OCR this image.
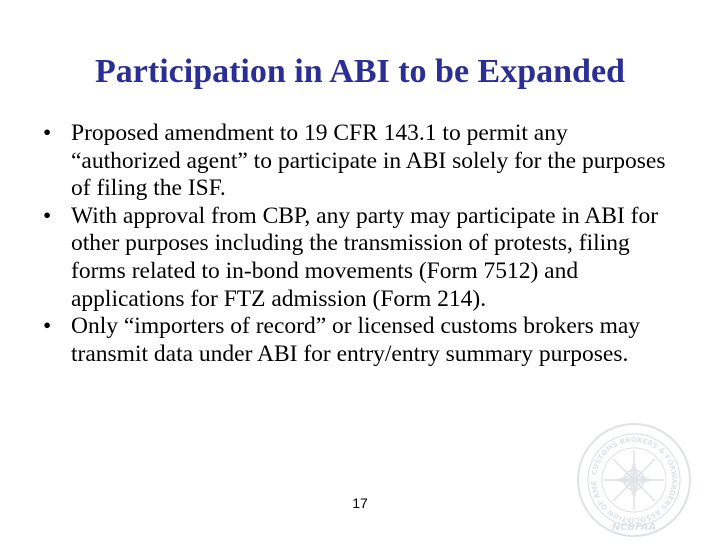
Participation in ABI to be Expanded
• Proposed amendment to 19 CFR 143.1 to permit any “authorized agent” to participate in ABI solely for the purposes of filing the ISF.
• With approval from CBP, any party may participate in ABI for other purposes including the transmission of protests, filing forms related to in-bond movements (Form 7512) and applications for FTZ admission (Form 214).
• Only “importers of record” or licensed customs brokers may transmit data under ABI for entry/entry summary purposes.
17
CUSTOMS BROKERS & FORWARDERS ASSOCIATION OF AME
NCBFAA
